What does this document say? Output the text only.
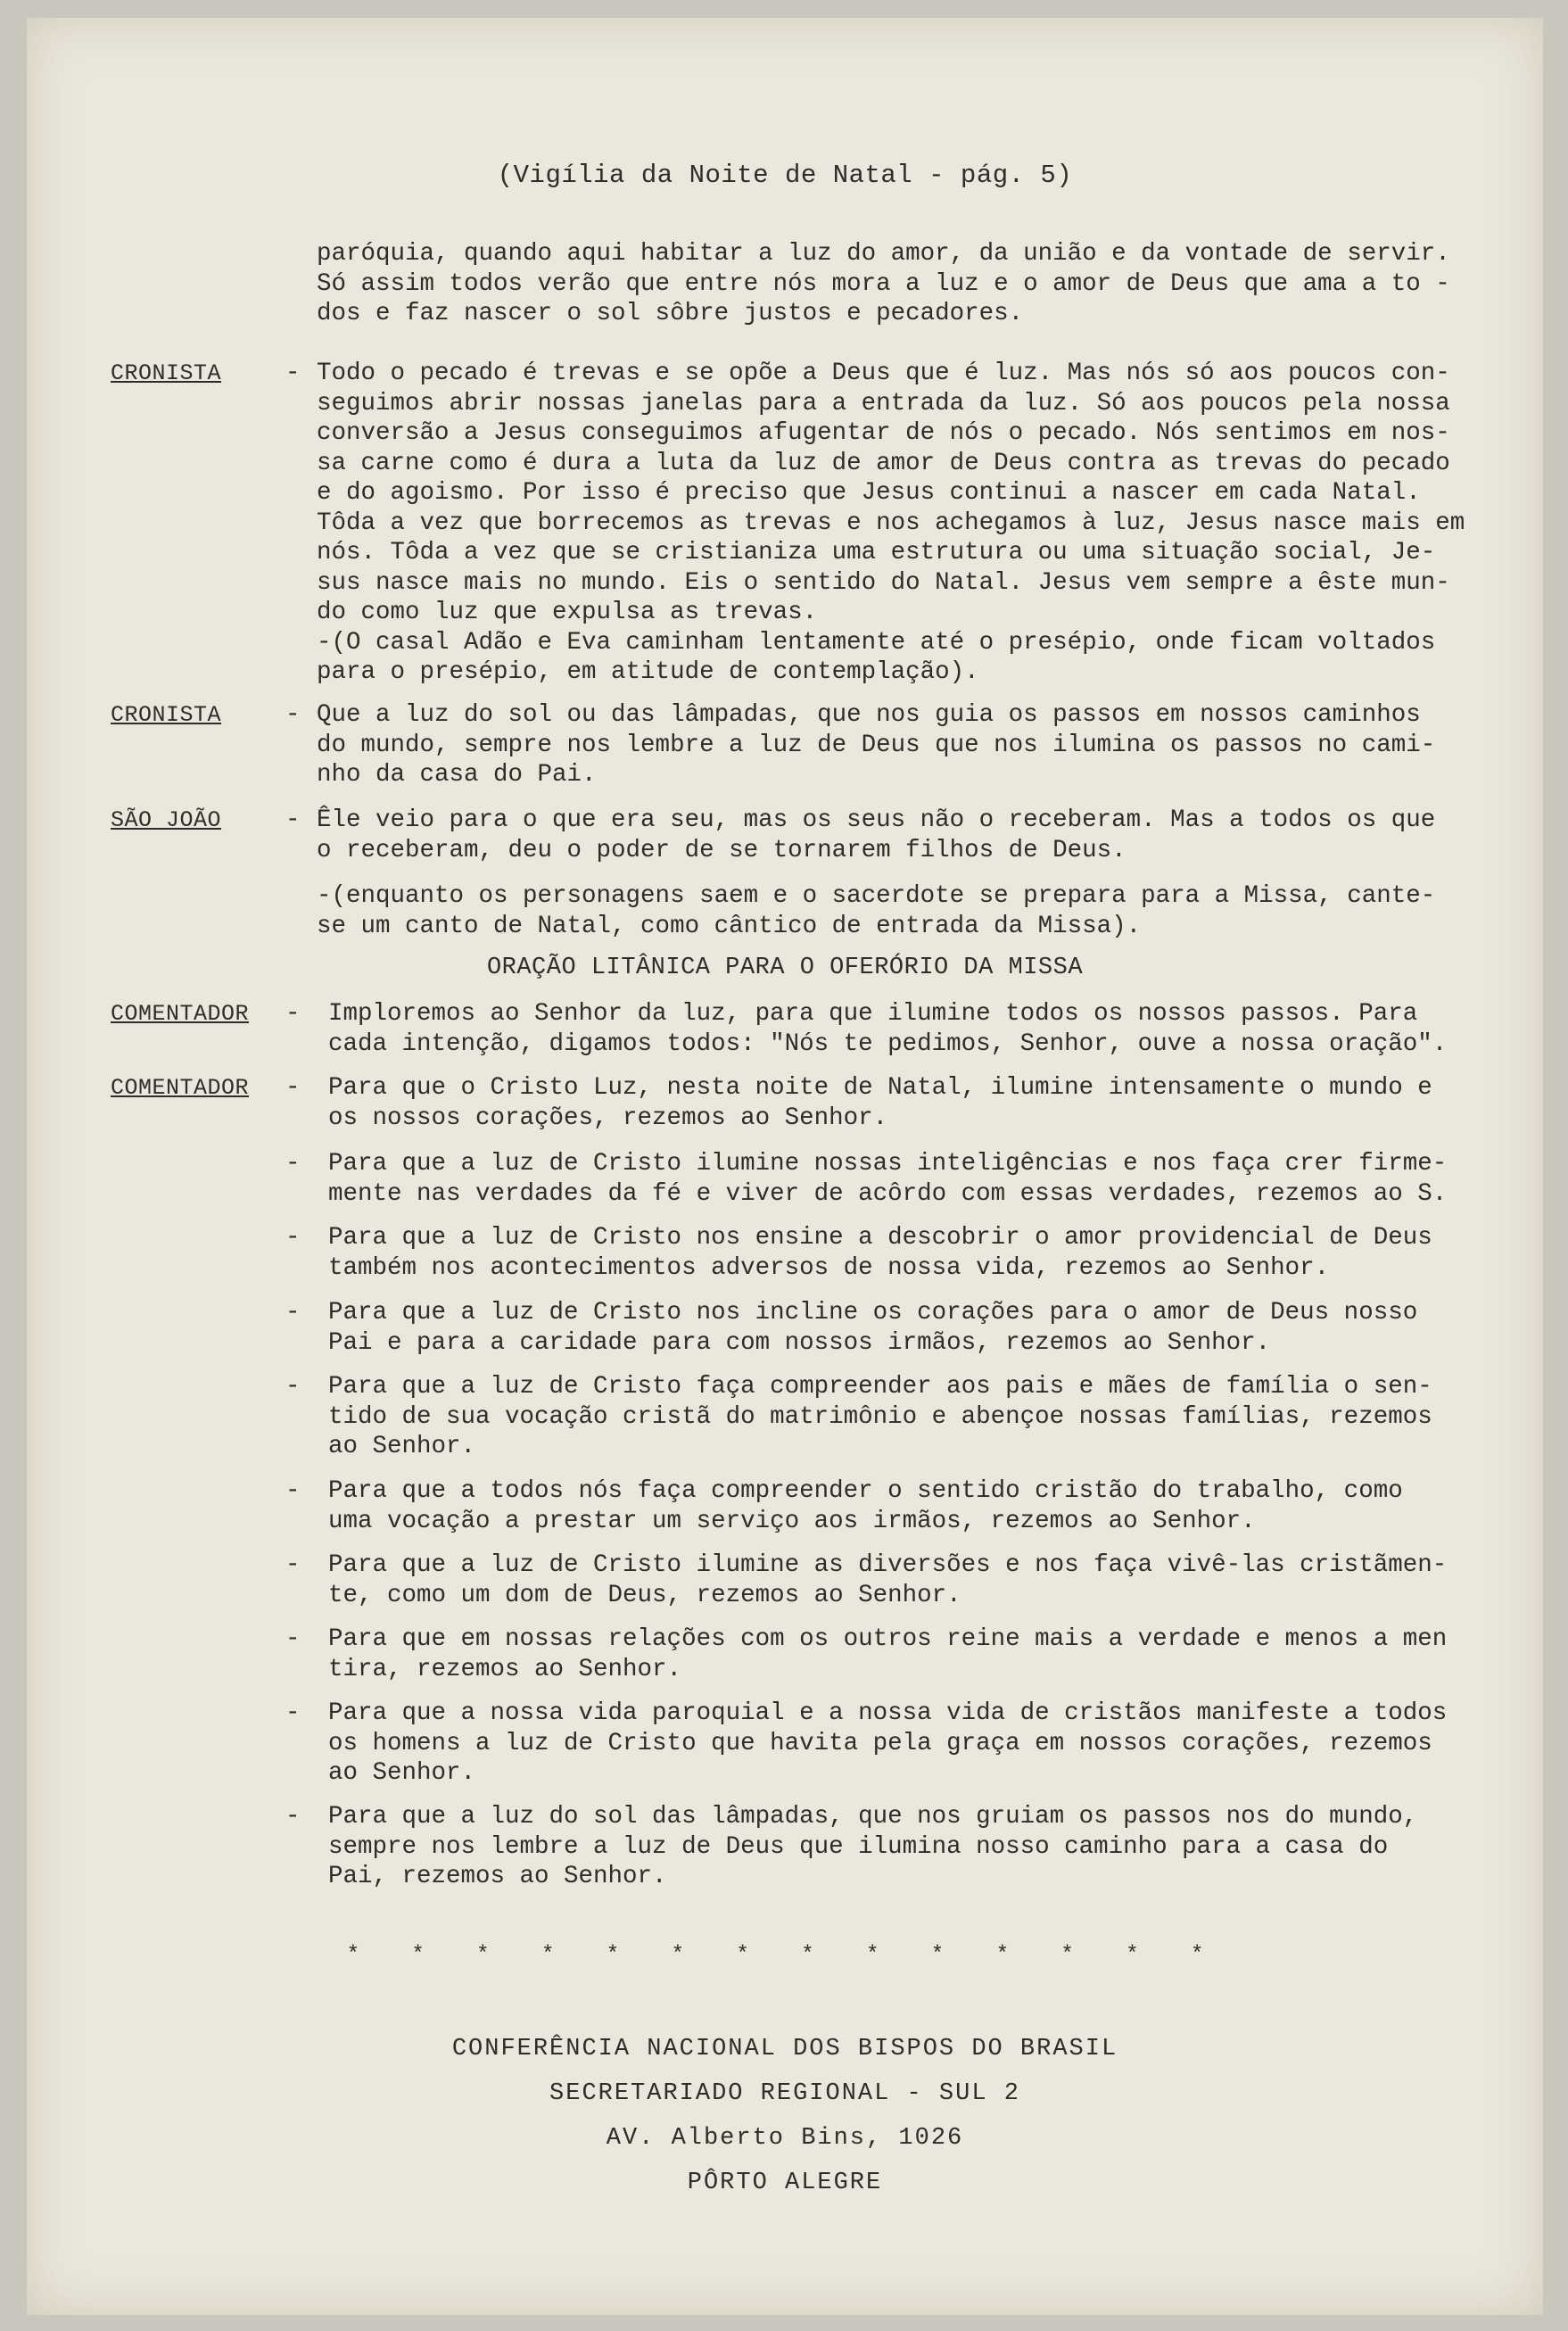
(Vigília da Noite de Natal - pág. 5)
paróquia, quando aqui habitar a luz do amor, da união e da vontade de servir.
Só assim todos verão que entre nós mora a luz e o amor de Deus que ama a to -
dos e faz nascer o sol sôbre justos e pecadores.
CRONISTA	- Todo o pecado é trevas e se opõe a Deus que é luz. Mas nós só aos poucos con-
seguimos abrir nossas janelas para a entrada da luz. Só aos poucos pela nossa
conversão a Jesus conseguimos afugentar de nós o pecado. Nós sentimos em nos-
sa carne como é dura a luta da luz de amor de Deus contra as trevas do pecado
e do agoismo. Por isso é preciso que Jesus continui a nascer em cada Natal.
Tôda a vez que borrecemos as trevas e nos achegamos à luz, Jesus nasce mais em
nós. Tôda a vez que se cristianiza uma estrutura ou uma situação social, Je-
sus nasce mais no mundo. Eis o sentido do Natal. Jesus vem sempre a êste mun-
do como luz que expulsa as trevas.
-(O casal Adão e Eva caminham lentamente até o presépio, onde ficam voltados
para o presépio, em atitude de contemplação).
CRONISTA	- Que a luz do sol ou das lâmpadas, que nos guia os passos em nossos caminhos
do mundo, sempre nos lembre a luz de Deus que nos ilumina os passos no cami-
nho da casa do Pai.
SÃO JOÃO	- Êle veio para o que era seu, mas os seus não o receberam. Mas a todos os que
o receberam, deu o poder de se tornarem filhos de Deus.
-(enquanto os personagens saem e o sacerdote se prepara para a Missa, cante-
se um canto de Natal, como cântico de entrada da Missa).
ORAÇÃO LITÂNICA PARA O OFERÓRIO DA MISSA
COMENTADOR	- Imploremos ao Senhor da luz, para que ilumine todos os nossos passos. Para
cada intenção, digamos todos: "Nós te pedimos, Senhor, ouve a nossa oração".
COMENTADOR	- Para que o Cristo Luz, nesta noite de Natal, ilumine intensamente o mundo e
os nossos corações, rezemos ao Senhor.
- Para que a luz de Cristo ilumine nossas inteligências e nos faça crer firme-
mente nas verdades da fé e viver de acôrdo com essas verdades, rezemos ao S.
- Para que a luz de Cristo nos ensine a descobrir o amor providencial de Deus
também nos acontecimentos adversos de nossa vida, rezemos ao Senhor.
- Para que a luz de Cristo nos incline os corações para o amor de Deus nosso
Pai e para a caridade para com nossos irmãos, rezemos ao Senhor.
- Para que a luz de Cristo faça compreender aos pais e mães de família o sen-
tido de sua vocação cristã do matrimônio e abençoe nossas famílias, rezemos
ao Senhor.
- Para que a todos nós faça compreender o sentido cristão do trabalho, como
uma vocação a prestar um serviço aos irmãos, rezemos ao Senhor.
- Para que a luz de Cristo ilumine as diversões e nos faça vivê-las cristãmen-
te, como um dom de Deus, rezemos ao Senhor.
- Para que em nossas relações com os outros reine mais a verdade e menos a men
tira, rezemos ao Senhor.
- Para que a nossa vida paroquial e a nossa vida de cristãos manifeste a todos
os homens a luz de Cristo que havita pela graça em nossos corações, rezemos
ao Senhor.
- Para que a luz do sol das lâmpadas, que nos gruiam os passos nos do mundo,
sempre nos lembre a luz de Deus que ilumina nosso caminho para a casa do
Pai, rezemos ao Senhor.
* * * * * * * * * * * * * *
CONFERÊNCIA NACIONAL DOS BISPOS DO BRASIL
SECRETARIADO REGIONAL - SUL 2
AV. Alberto Bins, 1026
PÔRTO ALEGRE
